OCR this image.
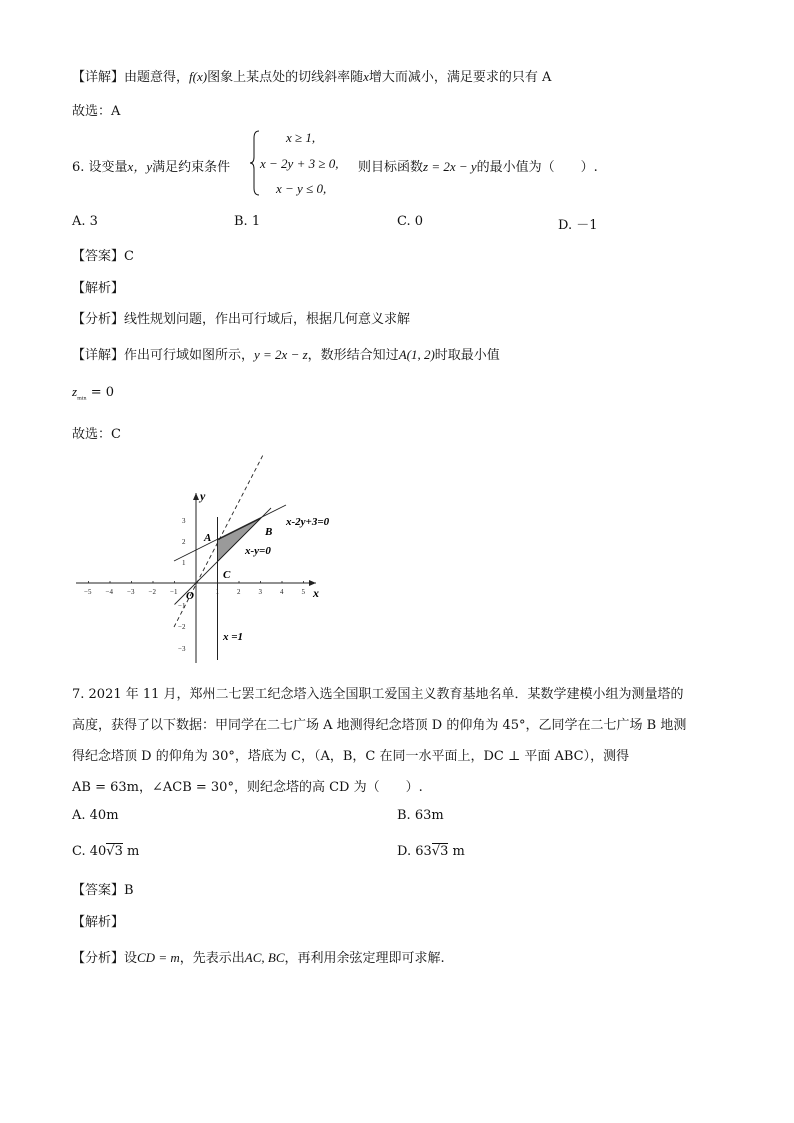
【详解】由题意得，f(x)图象上某点处的切线斜率随x增大而减小，满足要求的只有 A
故选：A
6. 设变量x，y满足约束条件
x ≥ 1,
x − 2y + 3 ≥ 0, 则目标函数z = 2x − y的最小值为（　　）.
x − y ≤ 0,
A. 3	B. 1	C. 0	D. －1
【答案】C
【解析】
【分析】线性规划问题，作出可行域后，根据几何意义求解
【详解】作出可行域如图所示，y = 2x − z，数形结合知过A(1, 2)时取最小值
$z_{min} = 0$
故选：C
y
x
O
A	B
C
x-2y+3=0
x-y=0
x =1
−5 −4 −3 −2 −1	1	2	3	4	5
3
2
1
−1
−2
−3
7. 2021 年 11 月，郑州二七罢工纪念塔入选全国职工爱国主义教育基地名单．某数学建模小组为测量塔的
高度，获得了以下数据：甲同学在二七广场 A 地测得纪念塔顶 D 的仰角为 45°，乙同学在二七广场 B 地测
得纪念塔顶 D 的仰角为 30°，塔底为 C，（A，B，C 在同一水平面上，DC ⊥ 平面 ABC），测得
AB = 63m，∠ACB = 30°，则纪念塔的高 CD 为（　　）.
A. 40m	B. 63m
C. 40√3 m	D. 63√3 m
【答案】B
【解析】
【分析】设CD = m，先表示出AC, BC，再利用余弦定理即可求解.
